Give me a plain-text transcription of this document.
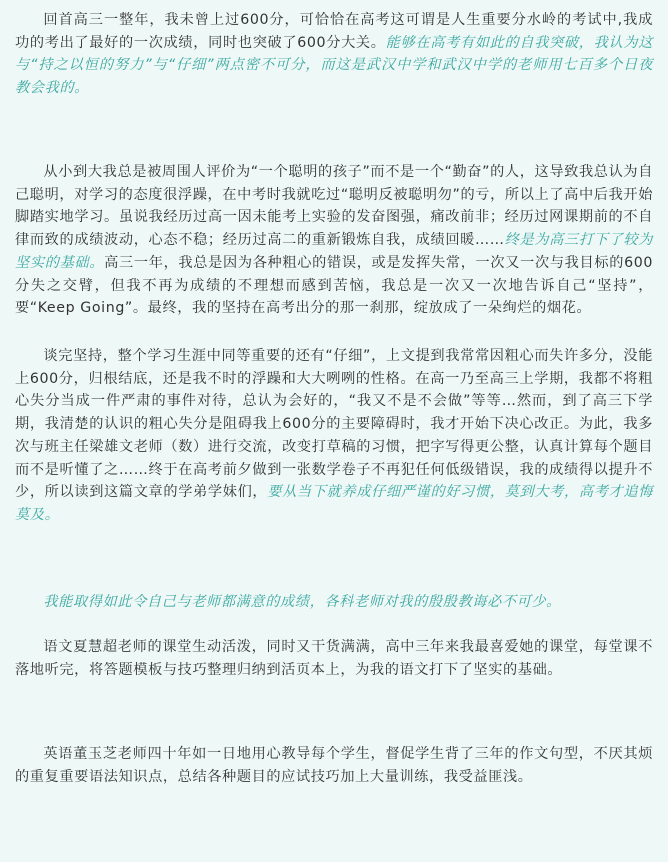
回首高三一整年，我未曾上过600分，可恰恰在高考这可谓是人生重要分水岭的考试中,我成功的考出了最好的一次成绩，同时也突破了600分大关。能够在高考有如此的自我突破，我认为这与“持之以恒的努力”与“仔细”两点密不可分，而这是武汉中学和武汉中学的老师用七百多个日夜教会我的。

从小到大我总是被周围人评价为“一个聪明的孩子”而不是一个“勤奋”的人，这导致我总认为自己聪明，对学习的态度很浮躁，在中考时我就吃过“聪明反被聪明勿”的亏，所以上了高中后我开始脚踏实地学习。虽说我经历过高一因未能考上实验的发奋图强，痛改前非；经历过网课期前的不自律而致的成绩波动，心态不稳；经历过高二的重新锻炼自我，成绩回暖……终是为高三打下了较为坚实的基础。高三一年，我总是因为各种粗心的错误，或是发挥失常，一次又一次与我目标的600分失之交臂，但我不再为成绩的不理想而感到苦恼，我总是一次又一次地告诉自己“坚持”，要“Keep Going”。最终，我的坚持在高考出分的那一刹那，绽放成了一朵绚烂的烟花。

谈完坚持，整个学习生涯中同等重要的还有“仔细”，上文提到我常常因粗心而失许多分，没能上600分，归根结底，还是我不时的浮躁和大大咧咧的性格。在高一乃至高三上学期，我都不将粗心失分当成一件严肃的事件对待，总认为会好的，“我又不是不会做”等等…然而，到了高三下学期，我清楚的认识的粗心失分是阻碍我上600分的主要障碍时，我才开始下决心改正。为此，我多次与班主任梁雄文老师（数）进行交流，改变打草稿的习惯，把字写得更公整，认真计算每个题目而不是听懂了之……终于在高考前夕做到一张数学卷子不再犯任何低级错误，我的成绩得以提升不少，所以读到这篇文章的学弟学妹们，要从当下就养成仔细严谨的好习惯，莫到大考，高考才追悔莫及。

我能取得如此令自己与老师都满意的成绩，各科老师对我的殷殷教诲必不可少。

语文夏慧超老师的课堂生动活泼，同时又干货满满，高中三年来我最喜爱她的课堂，每堂课不落地听完，将答题模板与技巧整理归纳到活页本上，为我的语文打下了坚实的基础。

英语董玉芝老师四十年如一日地用心教导每个学生，督促学生背了三年的作文句型，不厌其烦的重复重要语法知识点，总结各种题目的应试技巧加上大量训练，我受益匪浅。
